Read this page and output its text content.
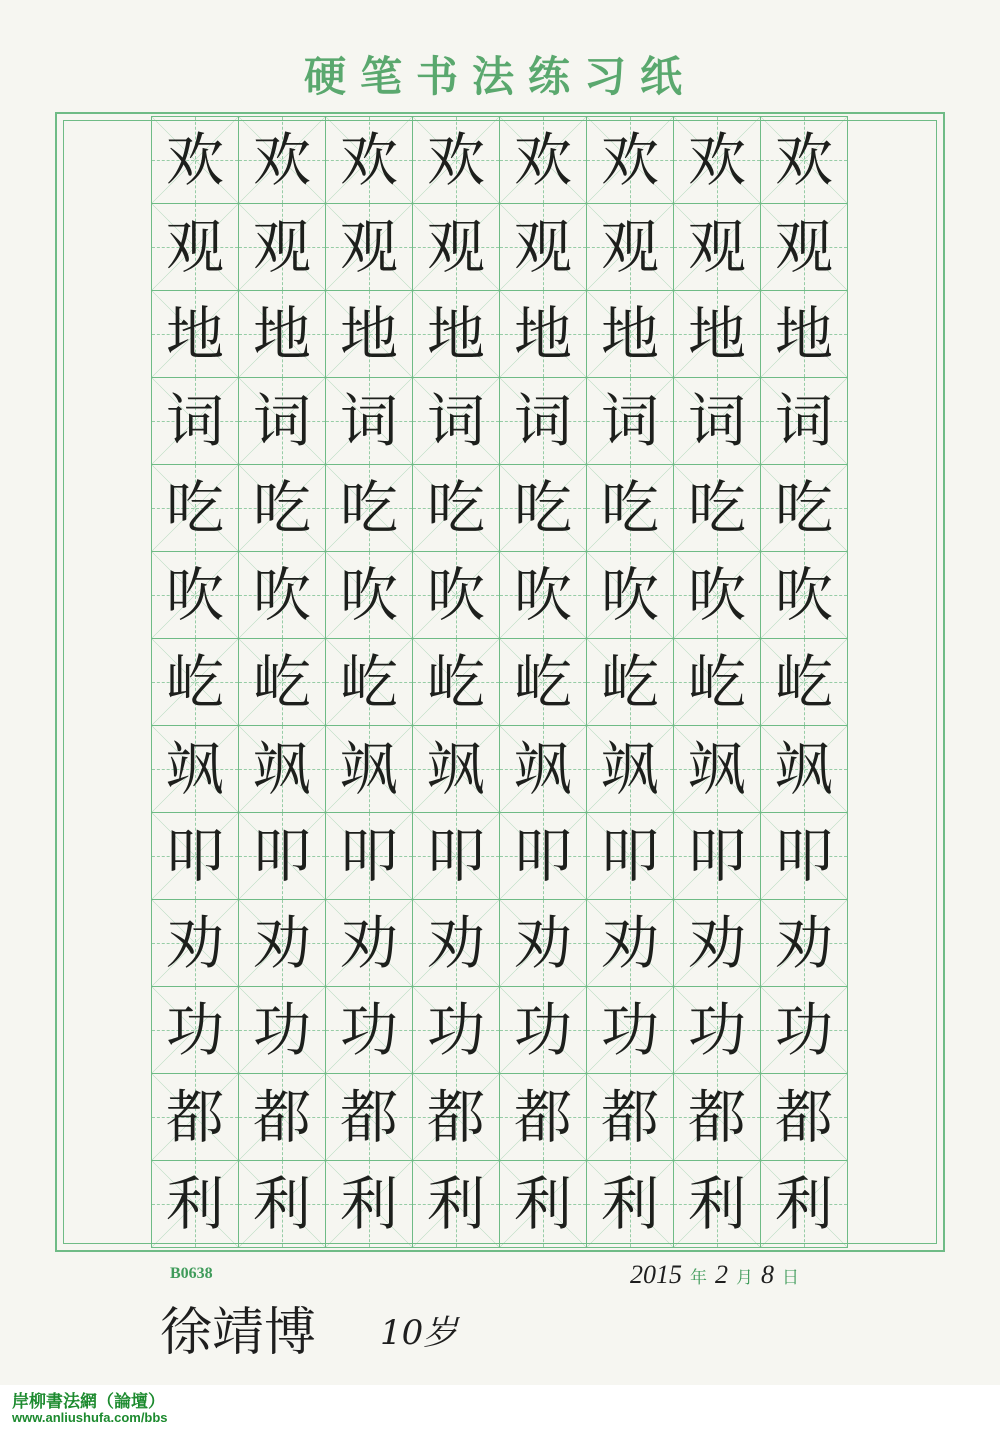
硬笔书法练习纸
欢 欢 欢 欢 欢 欢 欢 欢
观 观 观 观 观 观 观 观
地 地 地 地 地 地 地 地
词 词 词 词 词 词 词 词
吃 吃 吃 吃 吃 吃 吃 吃
吹 吹 吹 吹 吹 吹 吹 吹
屹 屹 屹 屹 屹 屹 屹 屹
飒 飒 飒 飒 飒 飒 飒 飒
叩 叩 叩 叩 叩 叩 叩 叩
劝 劝 劝 劝 劝 劝 劝 劝
功 功 功 功 功 功 功 功
都 都 都 都 都 都 都 都
利 利 利 利 利 利 利 利
B0638	2015 年 2 月 8 日
徐靖博 10岁
岸柳書法網（論壇）
www.anliushufa.com/bbs
